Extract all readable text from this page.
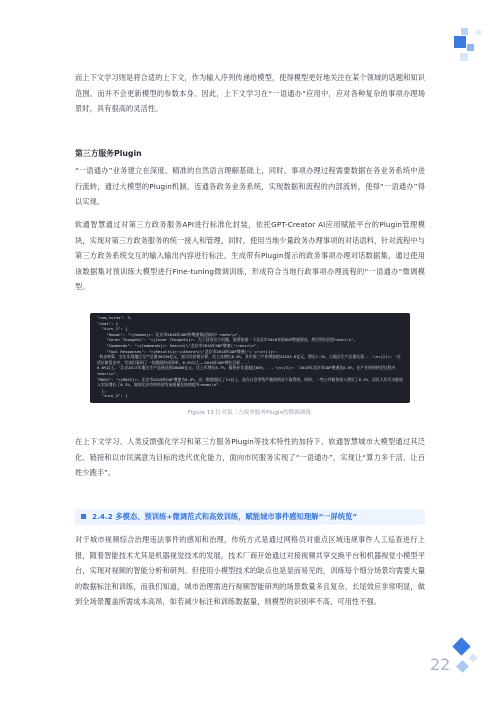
而上下文学习则是将合适的上下文，作为输入序列传递给模型，使得模型更好地关注在某个领域的话题和知识范围，而并不会更新模型的参数本身。因此，上下文学习在“一语通办”应用中，应对各种复杂的事项办理场景时，具有很高的灵活性。

第三方服务Plugin

“一语通办”业务建立在深度、精准的自然语言理解基础上，同时，事项办理过程需要数据在各业务系统中进行流转，通过大模型的Plugin机制，连通各政务业务系统，实现数据和流程的内部流转，使得“一语通办”得以实现。

软通智慧通过对第三方政务服务API进行标准化封装，依托GPT-Creator AI应用赋能平台的Plugin管理模块，实现对第三方政务服务的统一接入和管理，同时，使用当地少量政务办理事项的对话语料，针对流程中与第三方政务系统交互的输入输出内容进行标注，生成带有Plugin提示的政务事项办理对话数据集，通过使用该数据集对预训练大模型进行Fine-tuning微调训练，形成符合当地行政事项办理流程的“一语通办”微调模型。

"num_turns": 3,
"chat": {
"turn_1": {
"Human": "<|Human|>: 北京市2018年GDP的增速情况如何? <eoh>\n",
"Inner Thoughts": "<|Inner Thoughts|>: 为了回答这个问题，需要检索一下北京市2018年的GDP增速情况，然后给出回答<eot>\n",
"Commands": "<|Commands|>: Search(\"北京市2018年GDP增速\")<eoc>\n",
"Tool Responses": "<|Results|>:\nSearch(\"北京市2018年GDP增速\") =>\n<|1|>:
'初步核算，全年实现地区生产总值30320亿元，按可比价格计算，比上年增长6.6%，其中第三产业增加值24553.6亿元，增长7.3%，占地区生产总值比重...'\n<|2|>: '在适应新常态中，代表们看到了一张靓丽的成绩单，6.6%以上——2018年GDP增长目标...'
6.6%以上。'北京2017年地区生产总值达到28000亿元，比上年增长6.7%。服务业比重超过80%，...'\n<|3|>: '2018年北京市GDP增速达6.6%，在产业结构转型过程中，<eor>\n",
"MOSS": "<|MOSS|>: 北京市2018年GDP增速为6.6%，这一数据超过了1%以上，是在社会形势严峻的情况下取得的。同时，一些公共服务投入增长了6.5%，居民人均可支配收入实际增长了6.3%，说明北京市的经济发展质量在持续提升<eom>\n"
},
"turn_2": {
Figure 13 针对第三方政务服务Plugin的微调训练

在上下文学习、人类反馈强化学习和第三方服务Plugin等技术特性的加持下，软通智慧城市大模型通过其泛化、链接和以市民满意为目标的迭代优化能力，面向市民服务实现了“一语通办”，实现让“算力多干活，让百姓少跑手”。

2.4.2 多模态、预训练+微调范式和高效训练，赋能城市事件感知理解“一屏统览”

对于城市视频综合治理违法事件的感知和治理，传统方式是通过网格员对重点区域违规事件人工巡查进行上报，随着智能技术尤其是机器视觉技术的发展，技术厂商开始通过对接视频共享交换平台和机器视觉小模型平台，实现对视频的智能分析和研判。但使用小模型技术的缺点也是显而易见的，训练每个细分场景均需要大量的数据标注和训练，而我们知道，城市治理需进行视频智能研判的场景数量多且复杂，长尾效应非常明显，做到全场景覆盖所需成本高昂，如若减少标注和训练数据量，则模型的识别率不高，可用性不强。

22
